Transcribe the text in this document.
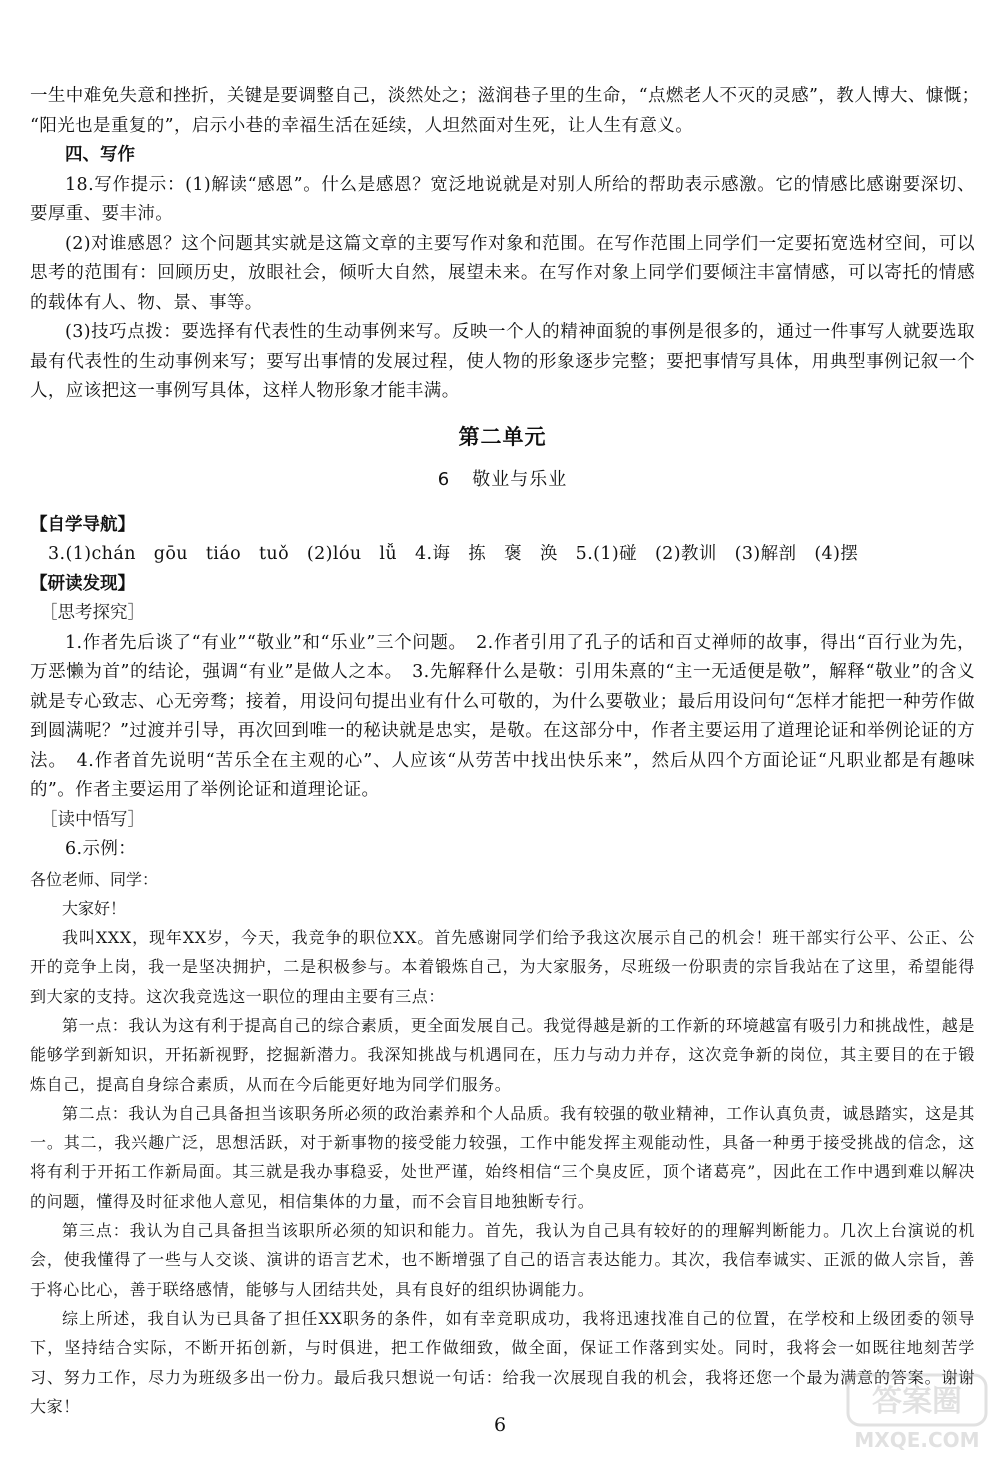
一生中难免失意和挫折，关键是要调整自己，淡然处之；滋润巷子里的生命，“点燃老人不灭的灵感”，教人博大、慷慨；

“阳光也是重复的”，启示小巷的幸福生活在延续，人坦然面对生死，让人生有意义。

四、写作

18.写作提示：(1)解读“感恩”。什么是感恩？宽泛地说就是对别人所给的帮助表示感激。它的情感比感谢要深切、要厚重、要丰沛。

(2)对谁感恩？这个问题其实就是这篇文章的主要写作对象和范围。在写作范围上同学们一定要拓宽选材空间，可以思考的范围有：回顾历史，放眼社会，倾听大自然，展望未来。在写作对象上同学们要倾注丰富情感，可以寄托的情感的载体有人、物、景、事等。

(3)技巧点拨：要选择有代表性的生动事例来写。反映一个人的精神面貌的事例是很多的，通过一件事写人就要选取最有代表性的生动事例来写；要写出事情的发展过程，使人物的形象逐步完整；要把事情写具体，用典型事例记叙一个人，应该把这一事例写具体，这样人物形象才能丰满。

第二单元
6 敬业与乐业

【自学导航】

3.(1)chán　gōu　tiáo　tuǒ　(2)lóu　lǚ　4.诲　拣　褒　涣　5.(1)碰　(2)教训　(3)解剖　(4)摆

【研读发现】

［思考探究］

1.作者先后谈了“有业”“敬业”和“乐业”三个问题。　2.作者引用了孔子的话和百丈禅师的故事，得出“百行业为先，万恶懒为首”的结论，强调“有业”是做人之本。　3.先解释什么是敬：引用朱熹的“主一无适便是敬”，解释“敬业”的含义就是专心致志、心无旁骛；接着，用设问句提出业有什么可敬的，为什么要敬业；最后用设问句“怎样才能把一种劳作做到圆满呢？”过渡并引导，再次回到唯一的秘诀就是忠实，是敬。在这部分中，作者主要运用了道理论证和举例论证的方法。　4.作者首先说明“苦乐全在主观的心”、人应该“从劳苦中找出快乐来”，然后从四个方面论证“凡职业都是有趣味的”。作者主要运用了举例论证和道理论证。

［读中悟写］

6.示例：

各位老师、同学：

大家好！

我叫XXX，现年XX岁，今天，我竞争的职位XX。首先感谢同学们给予我这次展示自己的机会！班干部实行公平、公正、公开的竞争上岗，我一是坚决拥护，二是积极参与。本着锻炼自己，为大家服务，尽班级一份职责的宗旨我站在了这里，希望能得到大家的支持。这次我竞选这一职位的理由主要有三点：

第一点：我认为这有利于提高自己的综合素质，更全面发展自己。我觉得越是新的工作新的环境越富有吸引力和挑战性，越是能够学到新知识，开拓新视野，挖掘新潜力。我深知挑战与机遇同在，压力与动力并存，这次竞争新的岗位，其主要目的在于锻炼自己，提高自身综合素质，从而在今后能更好地为同学们服务。

第二点：我认为自己具备担当该职务所必须的政治素养和个人品质。我有较强的敬业精神，工作认真负责，诚恳踏实，这是其一。其二，我兴趣广泛，思想活跃，对于新事物的接受能力较强，工作中能发挥主观能动性，具备一种勇于接受挑战的信念，这将有利于开拓工作新局面。其三就是我办事稳妥，处世严谨，始终相信“三个臭皮匠，顶个诸葛亮”，因此在工作中遇到难以解决的问题，懂得及时征求他人意见，相信集体的力量，而不会盲目地独断专行。

第三点：我认为自己具备担当该职所必须的知识和能力。首先，我认为自己具有较好的的理解判断能力。几次上台演说的机会，使我懂得了一些与人交谈、演讲的语言艺术，也不断增强了自己的语言表达能力。其次，我信奉诚实、正派的做人宗旨，善于将心比心，善于联络感情，能够与人团结共处，具有良好的组织协调能力。

综上所述，我自认为已具备了担任XX职务的条件，如有幸竞职成功，我将迅速找准自己的位置，在学校和上级团委的领导下，坚持结合实际，不断开拓创新，与时俱进，把工作做细致，做全面，保证工作落到实处。同时，我将会一如既往地刻苦学习、努力工作，尽力为班级多出一份力。最后我只想说一句话：给我一次展现自我的机会，我将还您一个最为满意的答案。谢谢大家！

6
答案圈
MXQE.COM
